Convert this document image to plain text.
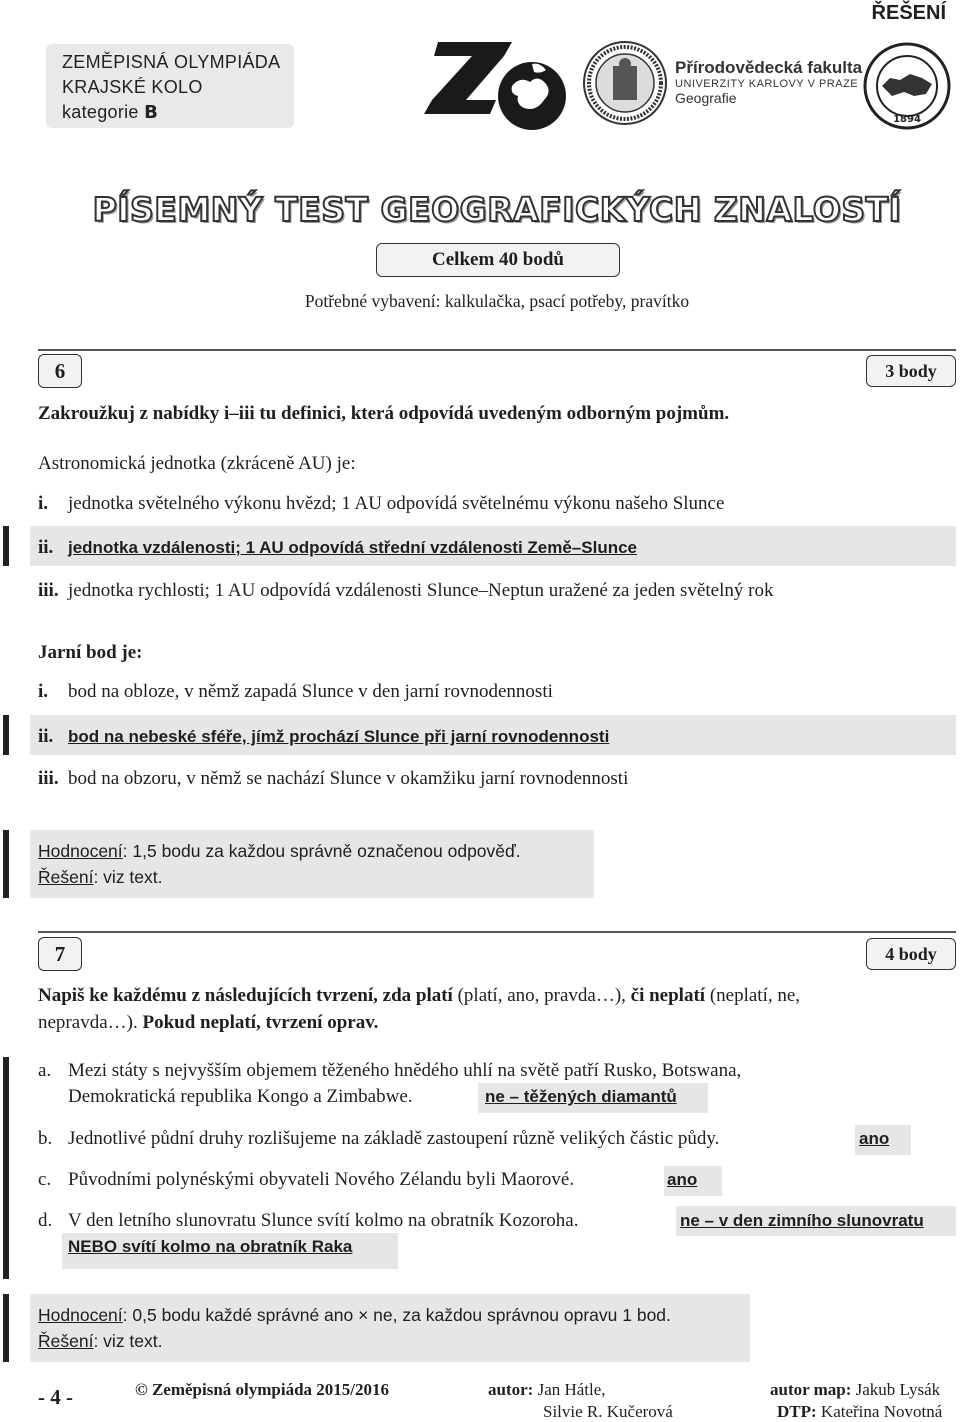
ŘEŠENÍ
ZEMĚPISNÁ OLYMPIÁDA
KRAJSKÉ KOLO
kategorie B
Přírodovědecká fakulta
UNIVERZITY KARLOVY V PRAZE
Geografie
1894
PÍSEMNÝ TEST GEOGRAFICKÝCH ZNALOSTÍ
Celkem 40 bodů
Potřebné vybavení: kalkulačka, psací potřeby, pravítko
6	3 body
Zakroužkuj z nabídky i–iii tu definici, která odpovídá uvedeným odborným pojmům.
Astronomická jednotka (zkráceně AU) je:
i. jednotka světelného výkonu hvězd; 1 AU odpovídá světelnému výkonu našeho Slunce
ii. jednotka vzdálenosti; 1 AU odpovídá střední vzdálenosti Země–Slunce
iii. jednotka rychlosti; 1 AU odpovídá vzdálenosti Slunce–Neptun uražené za jeden světelný rok
Jarní bod je:
i. bod na obloze, v němž zapadá Slunce v den jarní rovnodennosti
ii. bod na nebeské sféře, jímž prochází Slunce při jarní rovnodennosti
iii. bod na obzoru, v němž se nachází Slunce v okamžiku jarní rovnodennosti
Hodnocení: 1,5 bodu za každou správně označenou odpověď.
Řešení: viz text.
7	4 body
Napiš ke každému z následujících tvrzení, zda platí (platí, ano, pravda…), či neplatí (neplatí, ne,
nepravda…). Pokud neplatí, tvrzení oprav.
a. Mezi státy s nejvyšším objemem těženého hnědého uhlí na světě patří Rusko, Botswana,
Demokratická republika Kongo a Zimbabwe.	ne – těžených diamantů
b. Jednotlivé půdní druhy rozlišujeme na základě zastoupení různě velikých částic půdy.	ano
c. Původními polynéskými obyvateli Nového Zélandu byli Maorové.	ano
d. V den letního slunovratu Slunce svítí kolmo na obratník Kozoroha.	ne – v den zimního slunovratu
NEBO svítí kolmo na obratník Raka
Hodnocení: 0,5 bodu každé správné ano × ne, za každou správnou opravu 1 bod.
Řešení: viz text.
- 4 -	© Zeměpisná olympiáda 2015/2016	autor: Jan Hátle,
Silvie R. Kučerová
autor map: Jakub Lysák
DTP: Kateřina Novotná
